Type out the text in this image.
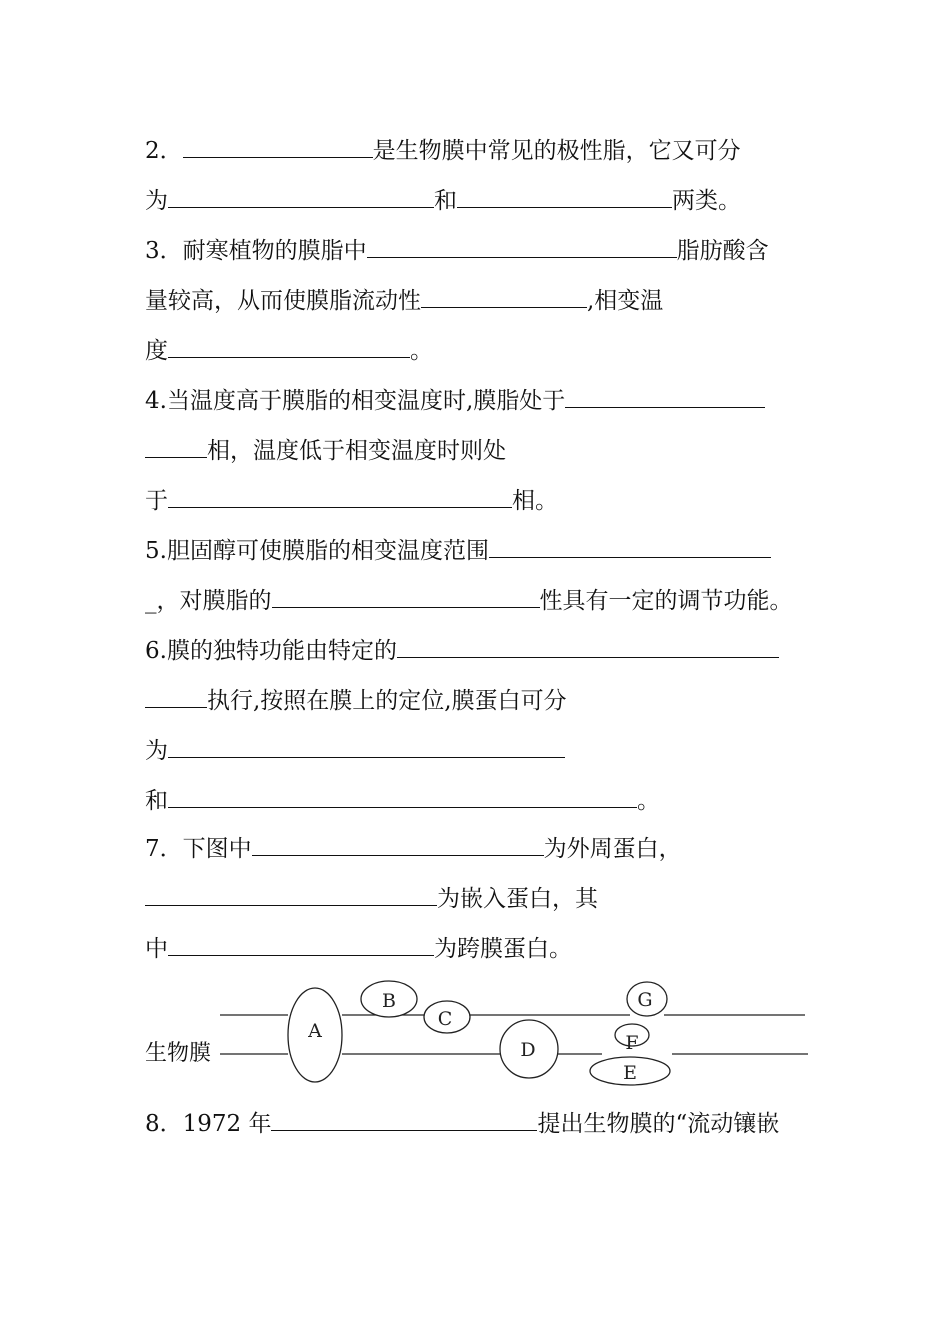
2．	是生物膜中常见的极性脂，它又可分
为	和	两类。
3．耐寒植物的膜脂中	脂肪酸含
量较高，从而使膜脂流动性	,相变温
度	。
4.当温度高于膜脂的相变温度时,膜脂处于
相，温度低于相变温度时则处
于	相。
5.胆固醇可使膜脂的相变温度范围
_，对膜脂的	性具有一定的调节功能。
6.膜的独特功能由特定的
执行,按照在膜上的定位,膜蛋白可分
为
和	。
7．下图中	为外周蛋白，
为嵌入蛋白，其
中	为跨膜蛋白。
A
B
C
D
E
F
G
生物膜
8．1972 年	提出生物膜的“流动镶嵌
